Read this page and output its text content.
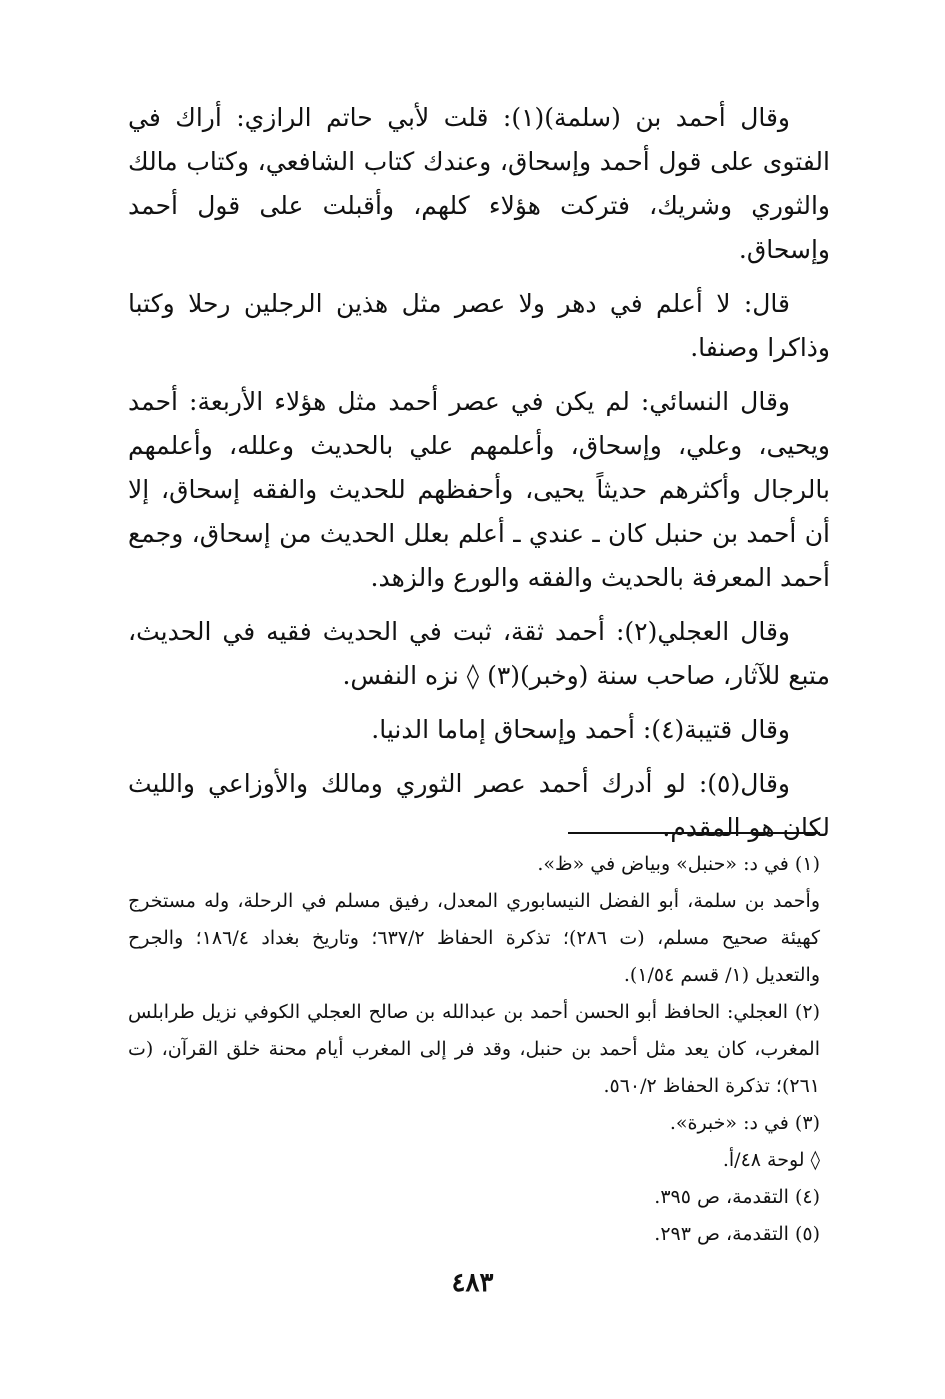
وقال أحمد بن (سلمة)(١): قلت لأبي حاتم الرازي: أراك في الفتوى على قول أحمد وإسحاق، وعندك كتاب الشافعي، وكتاب مالك والثوري وشريك، فتركت هؤلاء كلهم، وأقبلت على قول أحمد وإسحاق.

قال: لا أعلم في دهر ولا عصر مثل هذين الرجلين رحلا وكتبا وذاكرا وصنفا.

وقال النسائي: لم يكن في عصر أحمد مثل هؤلاء الأربعة: أحمد ويحيى، وعلي، وإسحاق، وأعلمهم علي بالحديث وعلله، وأعلمهم بالرجال وأكثرهم حديثاً يحيى، وأحفظهم للحديث والفقه إسحاق، إلا أن أحمد بن حنبل كان ـ عندي ـ أعلم بعلل الحديث من إسحاق، وجمع أحمد المعرفة بالحديث والفقه والورع والزهد.

وقال العجلي(٢): أحمد ثقة، ثبت في الحديث فقيه في الحديث، متبع للآثار، صاحب سنة (وخبر)(٣) ◊ نزه النفس.

وقال قتيبة(٤): أحمد وإسحاق إماما الدنيا.

وقال(٥): لو أدرك أحمد عصر الثوري ومالك والأوزاعي والليث لكان هو المقدم.

(١) في د: «حنبل» وبياض في «ظ».

وأحمد بن سلمة، أبو الفضل النيسابوري المعدل، رفيق مسلم في الرحلة، وله مستخرج كهيئة صحيح مسلم، (ت ٢٨٦)؛ تذكرة الحفاظ ٦٣٧/٢؛ وتاريخ بغداد ١٨٦/٤؛ والجرح والتعديل (١/ قسم ١/٥٤).

(٢) العجلي: الحافظ أبو الحسن أحمد بن عبدالله بن صالح العجلي الكوفي نزيل طرابلس المغرب، كان يعد مثل أحمد بن حنبل، وقد فر إلى المغرب أيام محنة خلق القرآن، (ت ٢٦١)؛ تذكرة الحفاظ ٥٦٠/٢.

(٣) في د: «خبرة».

◊ لوحة ٤٨/أ.

(٤) التقدمة، ص ٣٩٥.

(٥) التقدمة، ص ٢٩٣.

٤٨٣
